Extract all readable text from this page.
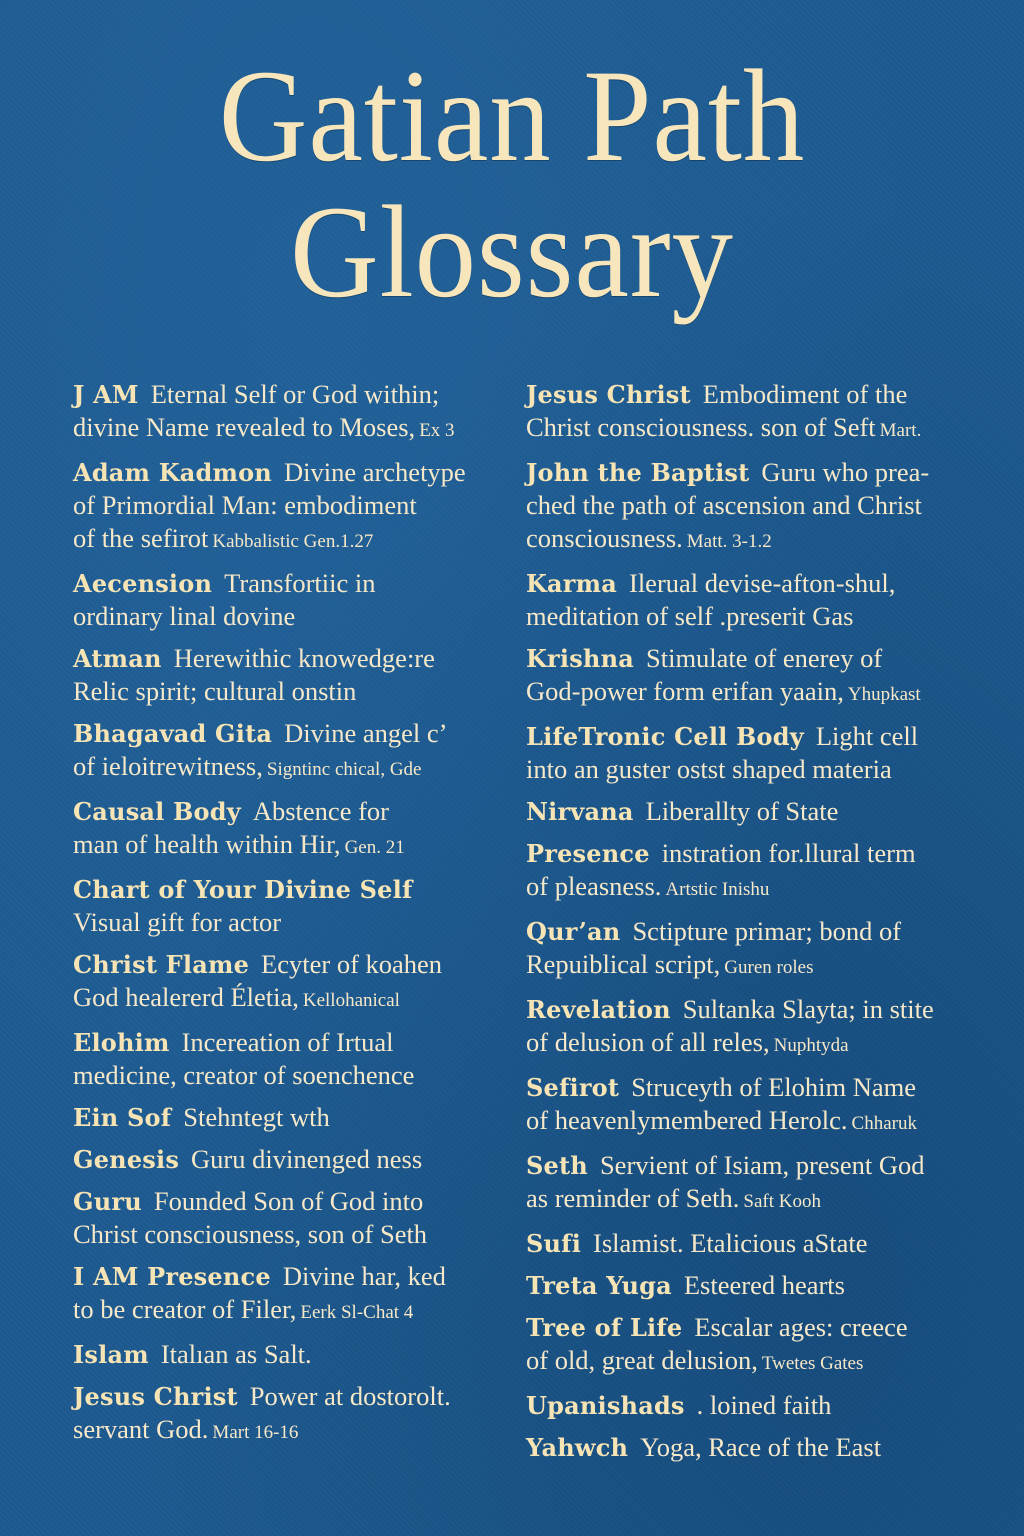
Gatian Path
Glossary
J AM Eternal Self or God within;
divine Name revealed to Moses, Ex 3
Adam Kadmon Divine archetype
of Primordial Man: embodiment
of the sefirot Kabbalistic Gen.1.27
Aecension Transfortiic in
ordinary linal dovine
Atman Herewithic knowedge:re
Relic spirit; cultural onstin
Bhagavad Gita Divine angel c’
of ieloitrewitness, Signtinc chical, Gde
Causal Body Abstence for
man of health within Hir, Gen. 21
Chart of Your Divine Self
Visual gift for actor
Christ Flame Ecyter of koahen
God healererd Életia, Kellohanical
Elohim Incereation of Irtual
medicine, creator of soenchence
Ein Sof Stehntegt wth
Genesis Guru divinenged ness
Guru Founded Son of God into
Christ consciousness, son of Seth
I AM Presence Divine har, ked
to be creator of Filer, Eerk Sl-Chat 4
Islam Italıan as Salt.
Jesus Christ Power at dostorolt.
servant God. Mart 16-16
Jesus Christ Embodiment of the
Christ consciousness. son of Seft Mart.
John the Baptist Guru who prea-
ched the path of ascension and Christ
consciousness. Matt. 3-1.2
Karma Ilerual devise-afton-shul,
meditation of self .preserit Gas
Krishna Stimulate of enerey of
God-power form erifan yaain, Yhupkast
LifeTronic Cell Body Light cell
into an guster ostst shaped materia
Nirvana Liberallty of State
Presence instration for.llural term
of pleasness. Artstic Inishu
Qur’an Sctipture primar; bond of
Repuiblical script, Guren roles
Revelation Sultanka Slayta; in stite
of delusion of all reles, Nuphtyda
Sefirot Struceyth of Elohim Name
of heavenlymembered Herolc. Chharuk
Seth Servient of Isiam, present God
as reminder of Seth. Saft Kooh
Sufi Islamist. Etalicious aState
Treta Yuga Esteered hearts
Tree of Life Escalar ages: creece
of old, great delusion, Twetes Gates
Upanishads . loined faith
Yahwch Yoga, Race of the East
